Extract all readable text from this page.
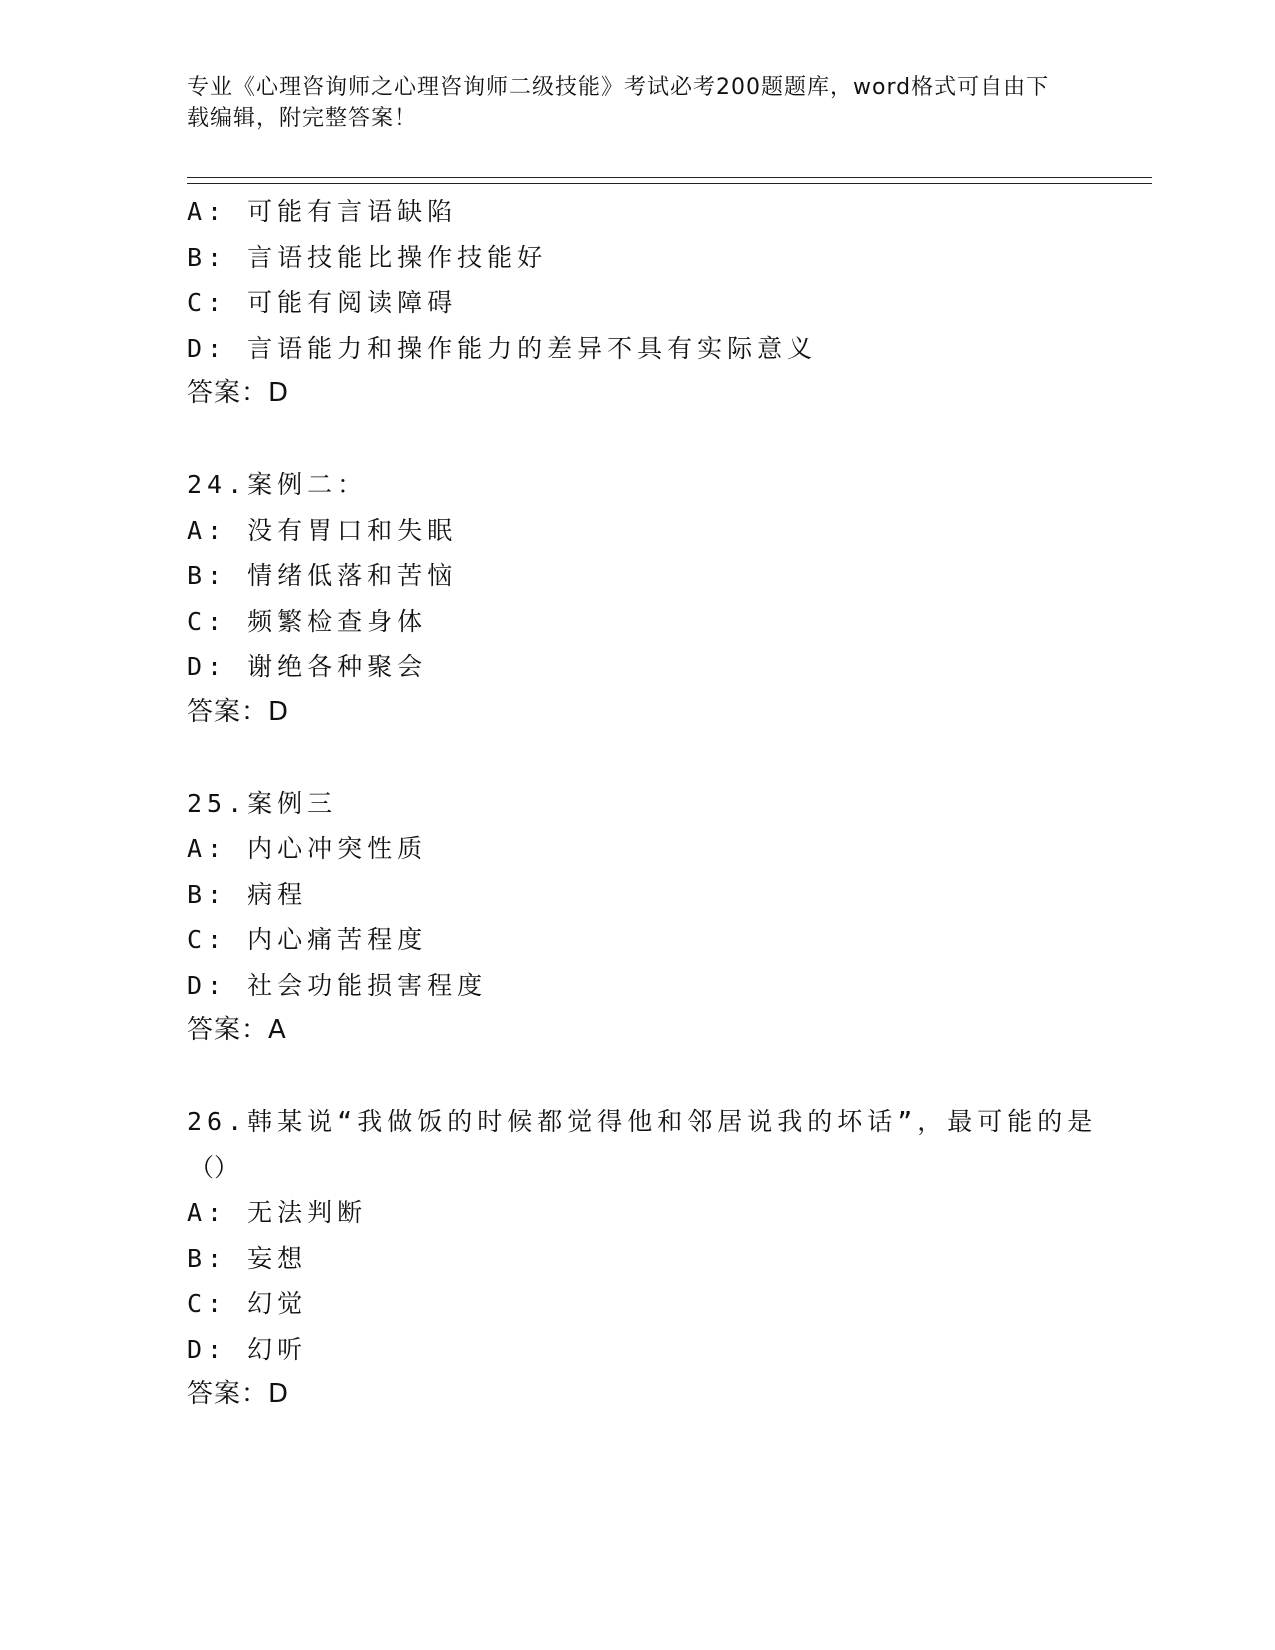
专业《心理咨询师之心理咨询师二级技能》考试必考200题题库，word格式可自由下载编辑，附完整答案！
A: 可能有言语缺陷
B: 言语技能比操作技能好
C: 可能有阅读障碍
D: 言语能力和操作能力的差异不具有实际意义
答案：D
24.案例二：
A: 没有胃口和失眠
B: 情绪低落和苦恼
C: 频繁检查身体
D: 谢绝各种聚会
答案：D
25.案例三
A: 内心冲突性质
B: 病程
C: 内心痛苦程度
D: 社会功能损害程度
答案：A
26.韩某说“我做饭的时候都觉得他和邻居说我的坏话”，最可能的是
（）
A: 无法判断
B: 妄想
C: 幻觉
D: 幻听
答案：D
